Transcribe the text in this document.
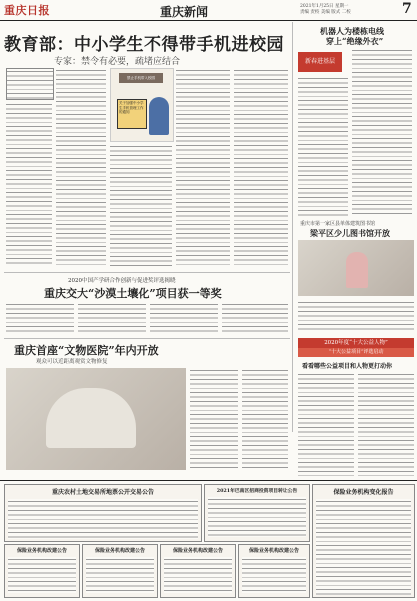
重庆日报	重庆新闻	2021年1月25日 星期一
责编 责校 美编 版式 二校	7
教育部：中小学生不得带手机进校园
专家：禁令有必要，疏堵应结合
禁止手机带入校园
关于加强中小学生手机管理工作的通知
2020中国产学研合作创新与促进奖评选揭晓
重庆交大“沙漠土壤化”项目获一等奖
重庆首座“文物医院”年内开放
观众可以近距离观赏文物修复
机器人为楼栋电线
穿上“绝缘外衣”
新春进基层
重庆市第一家区县单体建筑图书馆
梁平区少儿图书馆开放
2020年度“十大公益人物”
“十大公益项目”评选启动
看看哪些公益项目和人物更打动你
重庆农村土地交易所地票公开交易公告	2021年巴南区招商投资项目转让公告	保险业务机构变化报告
保险业务机构改建公告	保险业务机构改建公告	保险业务机构改建公告	保险业务机构改建公告
